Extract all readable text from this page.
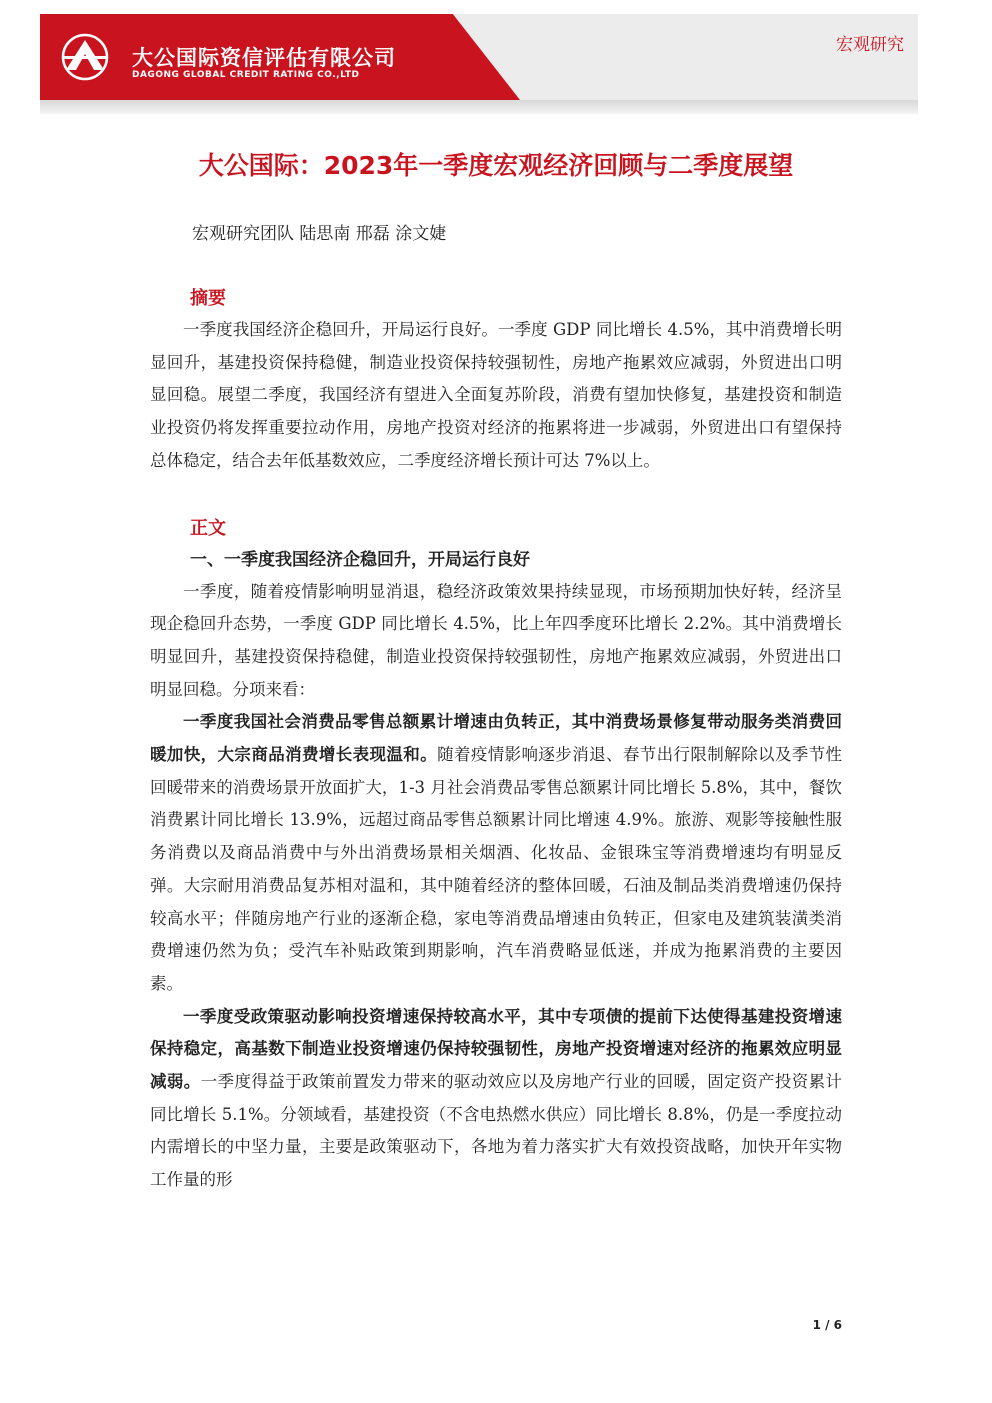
大公国际资信评估有限公司
DAGONG GLOBAL CREDIT RATING CO.,LTD
宏观研究
大公国际：2023年一季度宏观经济回顾与二季度展望
宏观研究团队 陆思南 邢磊 涂文婕
摘要

一季度我国经济企稳回升，开局运行良好。一季度 GDP 同比增长 4.5%，其中消费增长明显回升，基建投资保持稳健，制造业投资保持较强韧性，房地产拖累效应减弱，外贸进出口明显回稳。展望二季度，我国经济有望进入全面复苏阶段，消费有望加快修复，基建投资和制造业投资仍将发挥重要拉动作用，房地产投资对经济的拖累将进一步减弱，外贸进出口有望保持总体稳定，结合去年低基数效应，二季度经济增长预计可达 7%以上。

正文
一、一季度我国经济企稳回升，开局运行良好

一季度，随着疫情影响明显消退，稳经济政策效果持续显现，市场预期加快好转，经济呈现企稳回升态势，一季度 GDP 同比增长 4.5%，比上年四季度环比增长 2.2%。其中消费增长明显回升，基建投资保持稳健，制造业投资保持较强韧性，房地产拖累效应减弱，外贸进出口明显回稳。分项来看：

一季度我国社会消费品零售总额累计增速由负转正，其中消费场景修复带动服务类消费回暖加快，大宗商品消费增长表现温和。随着疫情影响逐步消退、春节出行限制解除以及季节性回暖带来的消费场景开放面扩大，1-3 月社会消费品零售总额累计同比增长 5.8%，其中，餐饮消费累计同比增长 13.9%，远超过商品零售总额累计同比增速 4.9%。旅游、观影等接触性服务消费以及商品消费中与外出消费场景相关烟酒、化妆品、金银珠宝等消费增速均有明显反弹。大宗耐用消费品复苏相对温和，其中随着经济的整体回暖，石油及制品类消费增速仍保持较高水平；伴随房地产行业的逐渐企稳，家电等消费品增速由负转正，但家电及建筑装潢类消费增速仍然为负；受汽车补贴政策到期影响，汽车消费略显低迷，并成为拖累消费的主要因素。

一季度受政策驱动影响投资增速保持较高水平，其中专项债的提前下达使得基建投资增速保持稳定，高基数下制造业投资增速仍保持较强韧性，房地产投资增速对经济的拖累效应明显减弱。一季度得益于政策前置发力带来的驱动效应以及房地产行业的回暖，固定资产投资累计同比增长 5.1%。分领域看，基建投资（不含电热燃水供应）同比增长 8.8%，仍是一季度拉动内需增长的中坚力量，主要是政策驱动下，各地为着力落实扩大有效投资战略，加快开年实物工作量的形

1 / 6
